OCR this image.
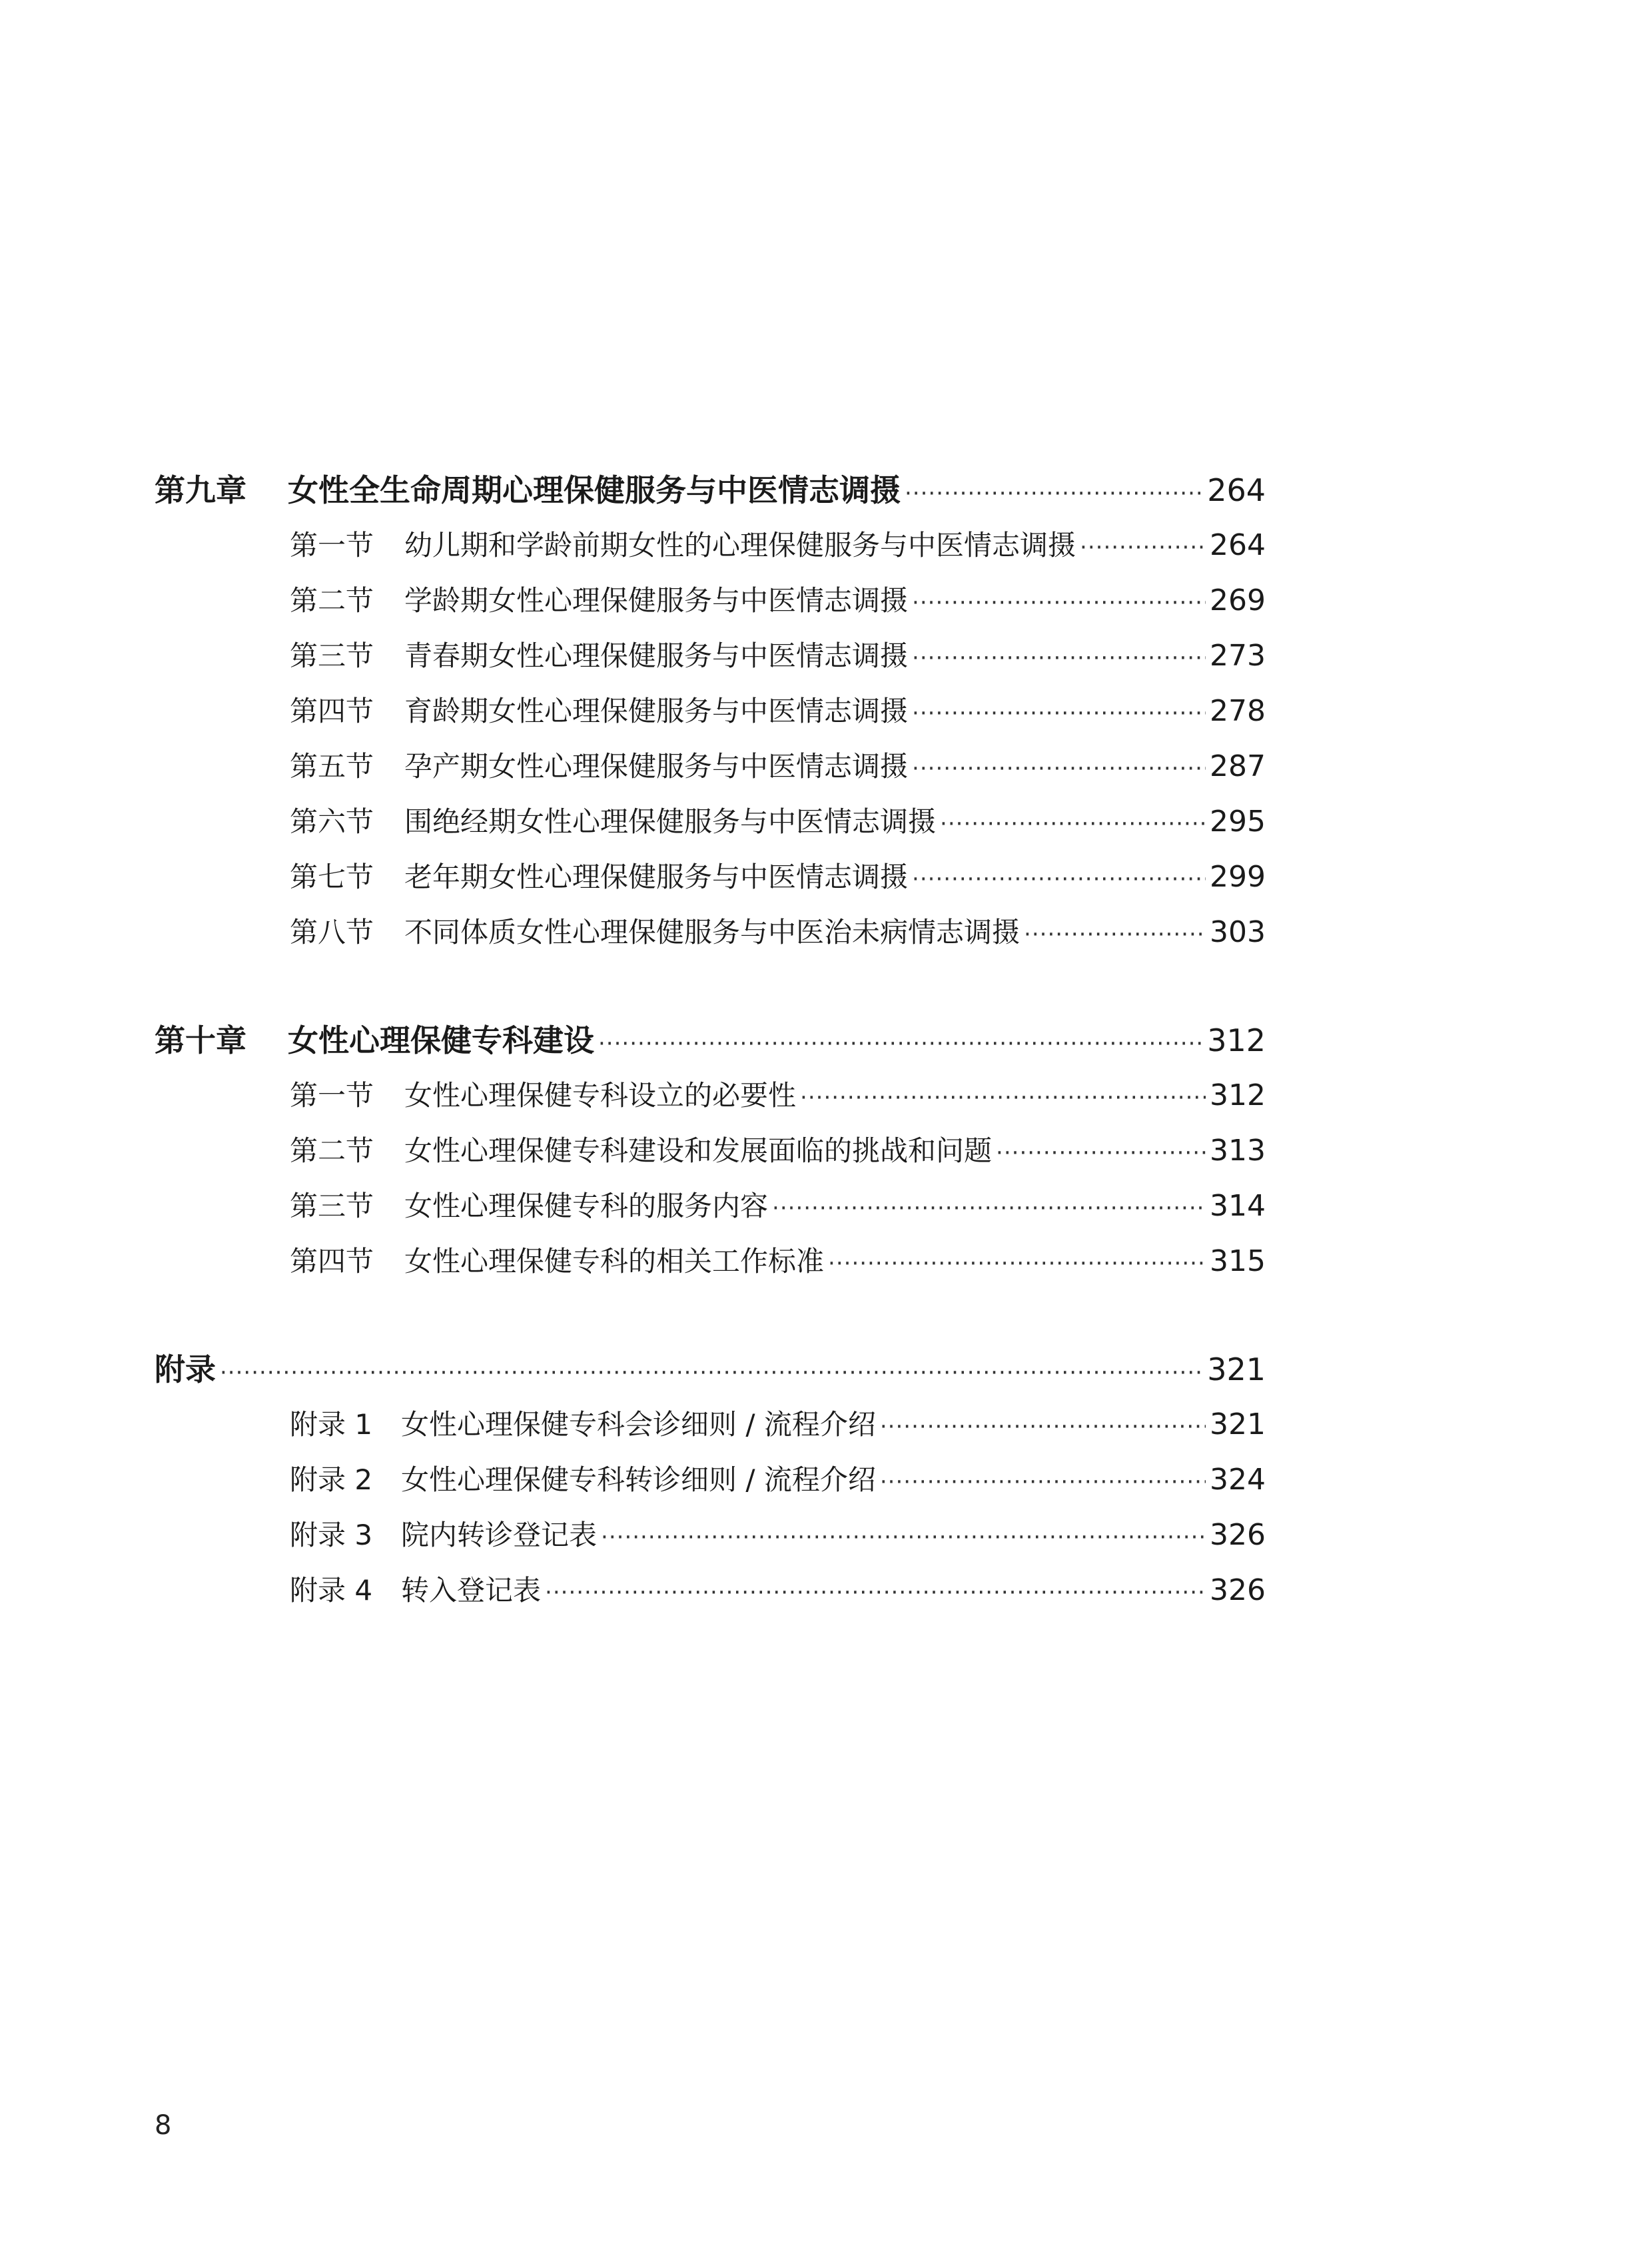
第九章	女性全生命周期心理保健服务与中医情志调摄 ·····	264
第一节	幼儿期和学龄前期女性的心理保健服务与中医情志调摄 ·····	264
第二节	学龄期女性心理保健服务与中医情志调摄 ·····	269
第三节	青春期女性心理保健服务与中医情志调摄 ·····	273
第四节	育龄期女性心理保健服务与中医情志调摄 ·····	278
第五节	孕产期女性心理保健服务与中医情志调摄 ·····	287
第六节	围绝经期女性心理保健服务与中医情志调摄 ·····	295
第七节	老年期女性心理保健服务与中医情志调摄 ·····	299
第八节	不同体质女性心理保健服务与中医治未病情志调摄 ·····	303
第十章	女性心理保健专科建设 ·····	312
第一节	女性心理保健专科设立的必要性 ·····	312
第二节	女性心理保健专科建设和发展面临的挑战和问题 ·····	313
第三节	女性心理保健专科的服务内容 ·····	314
第四节	女性心理保健专科的相关工作标准 ·····	315
附录 ·····	321
附录 1	女性心理保健专科会诊细则 / 流程介绍 ·····	321
附录 2	女性心理保健专科转诊细则 / 流程介绍 ·····	324
附录 3	院内转诊登记表 ·····	326
附录 4	转入登记表 ·····	326
8
